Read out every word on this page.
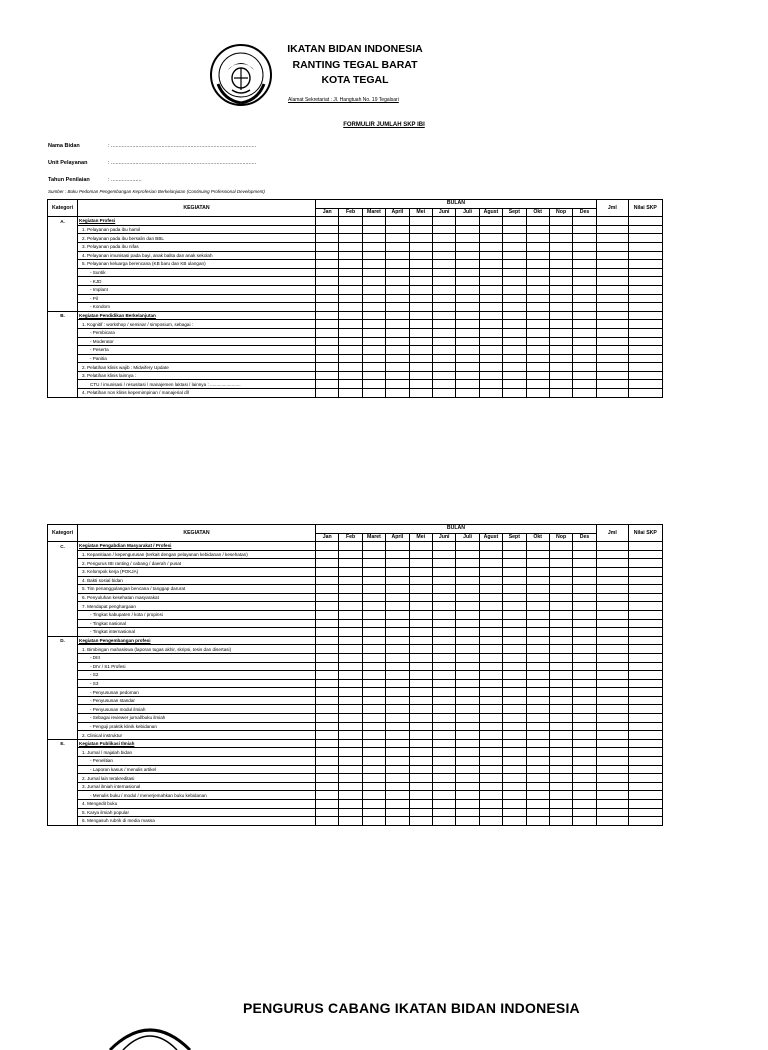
IKATAN BIDAN INDONESIA
RANTING TEGAL BARAT
KOTA TEGAL
Alamat Sekretariat : Jl. Hangtuah No. 19 Tegalsari
FORMULIR JUMLAH SKP IBI
Nama Bidan	: ...............................................................................................
Unit Pelayanan	: ...............................................................................................
Tahun Penilaian	: ....................
Sumber : Buku Pedoman Pengembangan Keprofesian Berkelanjutan (Continuing Professional Development)
Kategori	KEGIATAN	BULAN												Jml	Nilai SKP
		Jan	Feb	Maret	April	Mei	Juni	Juli	Agust	Sept	Okt	Nop	Des		
A.	Kegiatan Profesi														
	1. Pelayanan pada ibu hamil														
	2. Pelayanan pada ibu bersalin dan BBL														
	3. Pelayanan pada ibu nifas														
	4. Pelayanan imunisasi pada bayi, anak balita dan anak sekolah														
	5. Pelayanan keluarga berencana (KB baru dan KB ulangan)														
	- Suntik														
	- KJD														
	- Implant														
	- Pil														
	- Kondom														
B.	Kegiatan Pendidikan Berkelanjutan														
	1. Kognitif : workshop / seminar / simposium, sebagai :														
	- Pembicara														
	- Moderator														
	- Peserta														
	- Panitia														
	2. Pelatihan klinis wajib : Midwifery Update														
	3. Pelatihan klinis lainnya :														
	CTU / imunisasi / resusitasi / manajemen laktasi / lainnya : ........................														
	4. Pelatihan non klinis kepemimpinan / manajerial dll														
Kategori	KEGIATAN	BULAN												Jml	Nilai SKP
		Jan	Feb	Maret	April	Mei	Juni	Juli	Agust	Sept	Okt	Nop	Des		
C.	Kegiatan Pengabdian Masyarakat / Profesi														
	1. Kepanitiaan / kepengurusan (terkait dengan pelayanan kebidanan / kesehatan)														
	2. Pengurus IBI ranting / cabang / daerah / pusat														
	3. Kelompok kerja (POKJA)														
	4. Bakti sosial bidan														
	5. Tim penanggulangan bencana / tanggap darurat														
	6. Penyuluhan kesehatan masyarakat														
	7. Mendapat penghargaan														
	- Tingkat kabupaten / kota / propinsi														
	- Tingkat nasional														
	- Tingkat internasional														
D.	Kegiatan Pengembangan profesi														
	1. Bimbingan mahasiswa (laporan tugas akhir, skripsi, tesis dan disertasi)														
	- DIII														
	- DIV / S1 Profesi														
	- S2														
	- S3														
	- Penyusunan pedoman														
	- Penyusunan standar														
	- Penyusunan modul ilmiah														
	- Sebagai reviewer jurnal/buku ilmiah														
	- Penguji praktik klinik kebidanan														
	2. Clinical instruktur														
E.	Kegiatan Publikasi Ilmiah														
	1. Jurnal / majalah bidan														
	- Penelitian														
	- Laporan kasus / menulis artikel														
	2. Jurnal lain terakreditasi														
	3. Jurnal ilmiah internasional														
	- Menulis buku / modul / menerjemahkan buku kebidanan														
	4. Mengedit buku														
	5. Karya ilmiah popular														
	6. Mengasuh rubrik di media massa														
PENGURUS CABANG IKATAN BIDAN INDONESIA
